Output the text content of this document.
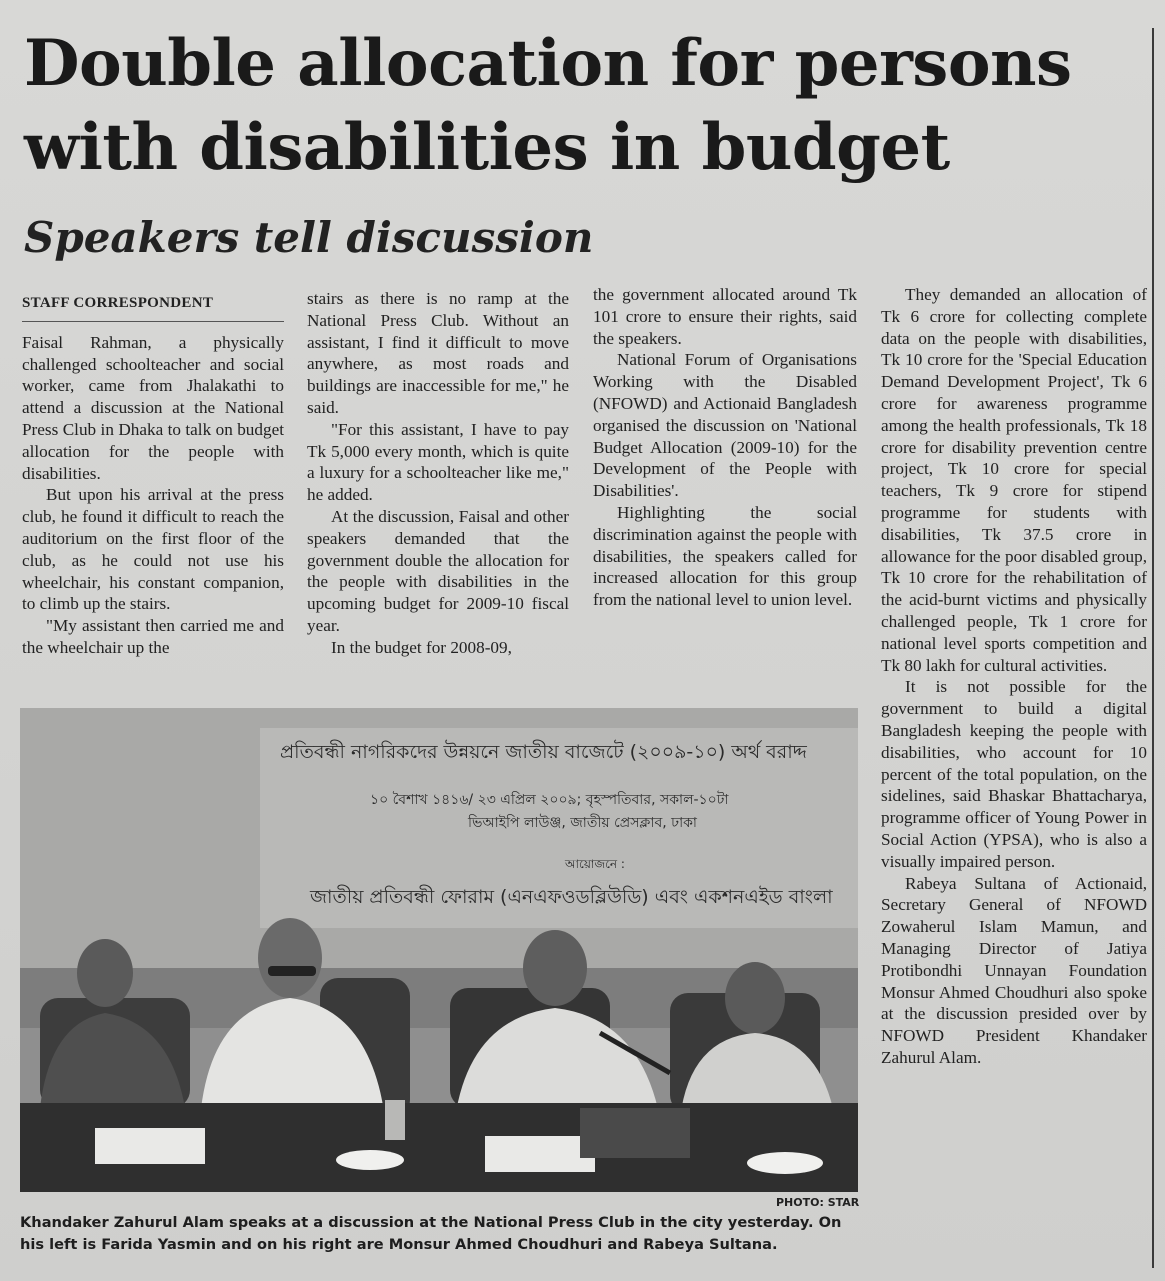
Double allocation for persons with disabilities in budget
Speakers tell discussion
STAFF CORRESPONDENT

Faisal Rahman, a physically challenged schoolteacher and social worker, came from Jhalakathi to attend a discussion at the National Press Club in Dhaka to talk on budget allocation for the people with disabilities.

But upon his arrival at the press club, he found it difficult to reach the auditorium on the first floor of the club, as he could not use his wheelchair, his constant companion, to climb up the stairs.

"My assistant then carried me and the wheelchair up the

stairs as there is no ramp at the National Press Club. Without an assistant, I find it difficult to move anywhere, as most roads and buildings are inaccessible for me," he said.

"For this assistant, I have to pay Tk 5,000 every month, which is quite a luxury for a schoolteacher like me," he added.

At the discussion, Faisal and other speakers demanded that the government double the allocation for the people with disabilities in the upcoming budget for 2009-10 fiscal year.

In the budget for 2008-09,

the government allocated around Tk 101 crore to ensure their rights, said the speakers.

National Forum of Organisations Working with the Disabled (NFOWD) and Actionaid Bangladesh organised the discussion on 'National Budget Allocation (2009-10) for the Development of the People with Disabilities'.

Highlighting the social discrimination against the people with disabilities, the speakers called for increased allocation for this group from the national level to union level.

They demanded an allocation of Tk 6 crore for collecting complete data on the people with disabilities, Tk 10 crore for the 'Special Education Demand Development Project', Tk 6 crore for awareness programme among the health professionals, Tk 18 crore for disability prevention centre project, Tk 10 crore for special teachers, Tk 9 crore for stipend programme for students with disabilities, Tk 37.5 crore in allowance for the poor disabled group, Tk 10 crore for the rehabilitation of the acid-burnt victims and physically challenged people, Tk 1 crore for national level sports competition and Tk 80 lakh for cultural activities.

It is not possible for the government to build a digital Bangladesh keeping the people with disabilities, who account for 10 percent of the total population, on the sidelines, said Bhaskar Bhattacharya, programme officer of Young Power in Social Action (YPSA), who is also a visually impaired person.

Rabeya Sultana of Actionaid, Secretary General of NFOWD Zowaherul Islam Mamun, and Managing Director of Jatiya Protibondhi Unnayan Foundation Monsur Ahmed Choudhuri also spoke at the discussion presided over by NFOWD President Khandaker Zahurul Alam.

প্রতিবন্ধী নাগরিকদের উন্নয়নে জাতীয় বাজেটে (২০০৯-১০) অর্থ বরাদ্দ
১০ বৈশাখ ১৪১৬/ ২৩ এপ্রিল ২০০৯; বৃহস্পতিবার, সকাল-১০টা
ভিআইপি লাউঞ্জ, জাতীয় প্রেসক্লাব, ঢাকা
আয়োজনে :
জাতীয় প্রতিবন্ধী ফোরাম (এনএফওডব্লিউডি) এবং একশনএইড বাংলা
PHOTO: STAR

Khandaker Zahurul Alam speaks at a discussion at the National Press Club in the city yesterday. On his left is Farida Yasmin and on his right are Monsur Ahmed Choudhuri and Rabeya Sultana.
